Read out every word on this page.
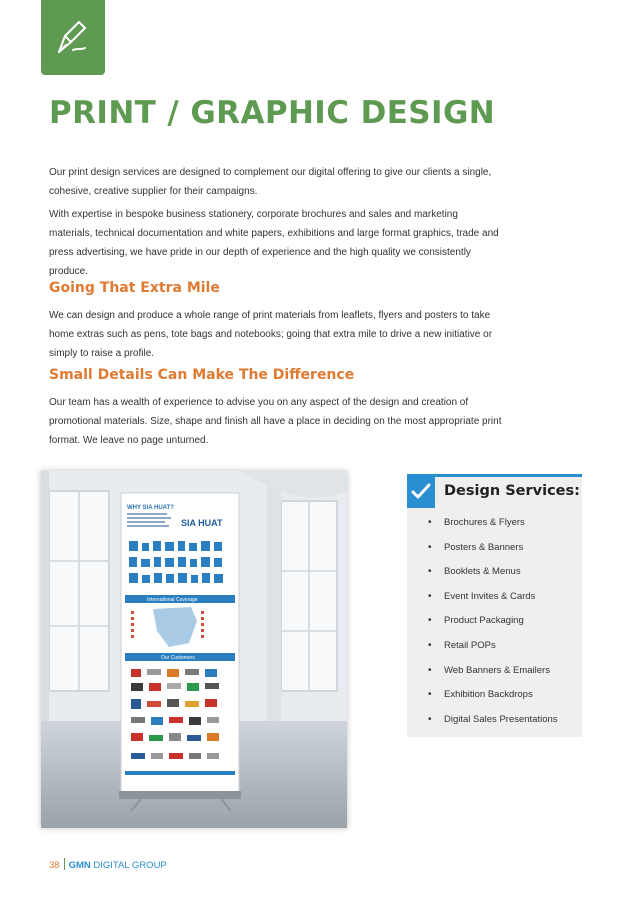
PRINT / GRAPHIC DESIGN

Our print design services are designed to complement our digital offering to give our clients a single, cohesive, creative supplier for their campaigns.

With expertise in bespoke business stationery, corporate brochures and sales and marketing materials, technical documentation and white papers, exhibitions and large format graphics, trade and press advertising, we have pride in our depth of experience and the high quality we consistently produce.

Going That Extra Mile

We can design and produce a whole range of print materials from leaflets, flyers and posters to take home extras such as pens, tote bags and notebooks; going that extra mile to drive a new initiative or simply to raise a profile.

Small Details Can Make The Difference

Our team has a wealth of experience to advise you on any aspect of the design and creation of promotional materials. Size, shape and finish all have a place in deciding on the most appropriate print format. We leave no page unturned.

WHY SIA HUAT?
SIA HUAT
International Coverage
Our Customers
Design Services:
• Brochures & Flyers
• Posters & Banners
• Booklets & Menus
• Event Invites & Cards
• Product Packaging
• Retail POPs
• Web Banners & Emailers
• Exhibition Backdrops
• Digital Sales Presentations
38 GMN DIGITAL GROUP
